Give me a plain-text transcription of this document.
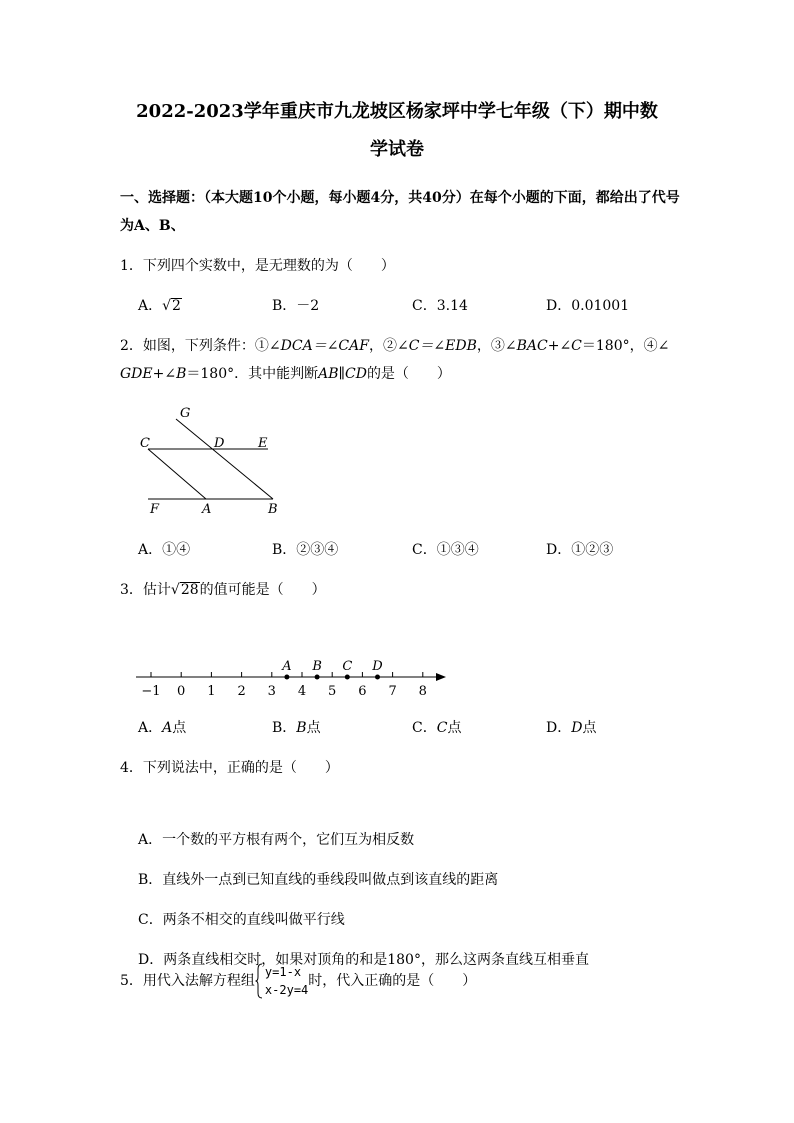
2022-2023学年重庆市九龙坡区杨家坪中学七年级（下）期中数
学试卷
一、选择题：（本大题10个小题，每小题4分，共40分）在每个小题的下面，都给出了代号为A、B、
1．下列四个实数中，是无理数的为（　　）
A．√2	B．－2	C．3.14	D．0.01001
2．如图，下列条件：①∠DCA＝∠CAF，②∠C＝∠EDB，③∠BAC+∠C＝180°，④∠
GDE+∠B＝180°．其中能判断AB∥CD的是（　　）
G
C	D	E
F	A	B
A．①④	B．②③④	C．①③④	D．①②③
3．估计√28的值可能是（　　）
−1 0 1 2 3 4 5 6 7 8
A B C D
A．A点	B．B点	C．C点	D．D点
4．下列说法中，正确的是（　　）
A．一个数的平方根有两个，它们互为相反数
B．直线外一点到已知直线的垂线段叫做点到该直线的距离
C．两条不相交的直线叫做平行线
D．两条直线相交时，如果对顶角的和是180°，那么这两条直线互相垂直
5．用代入法解方程组
y=1-x
x-2y=4
时，代入正确的是（　　）
